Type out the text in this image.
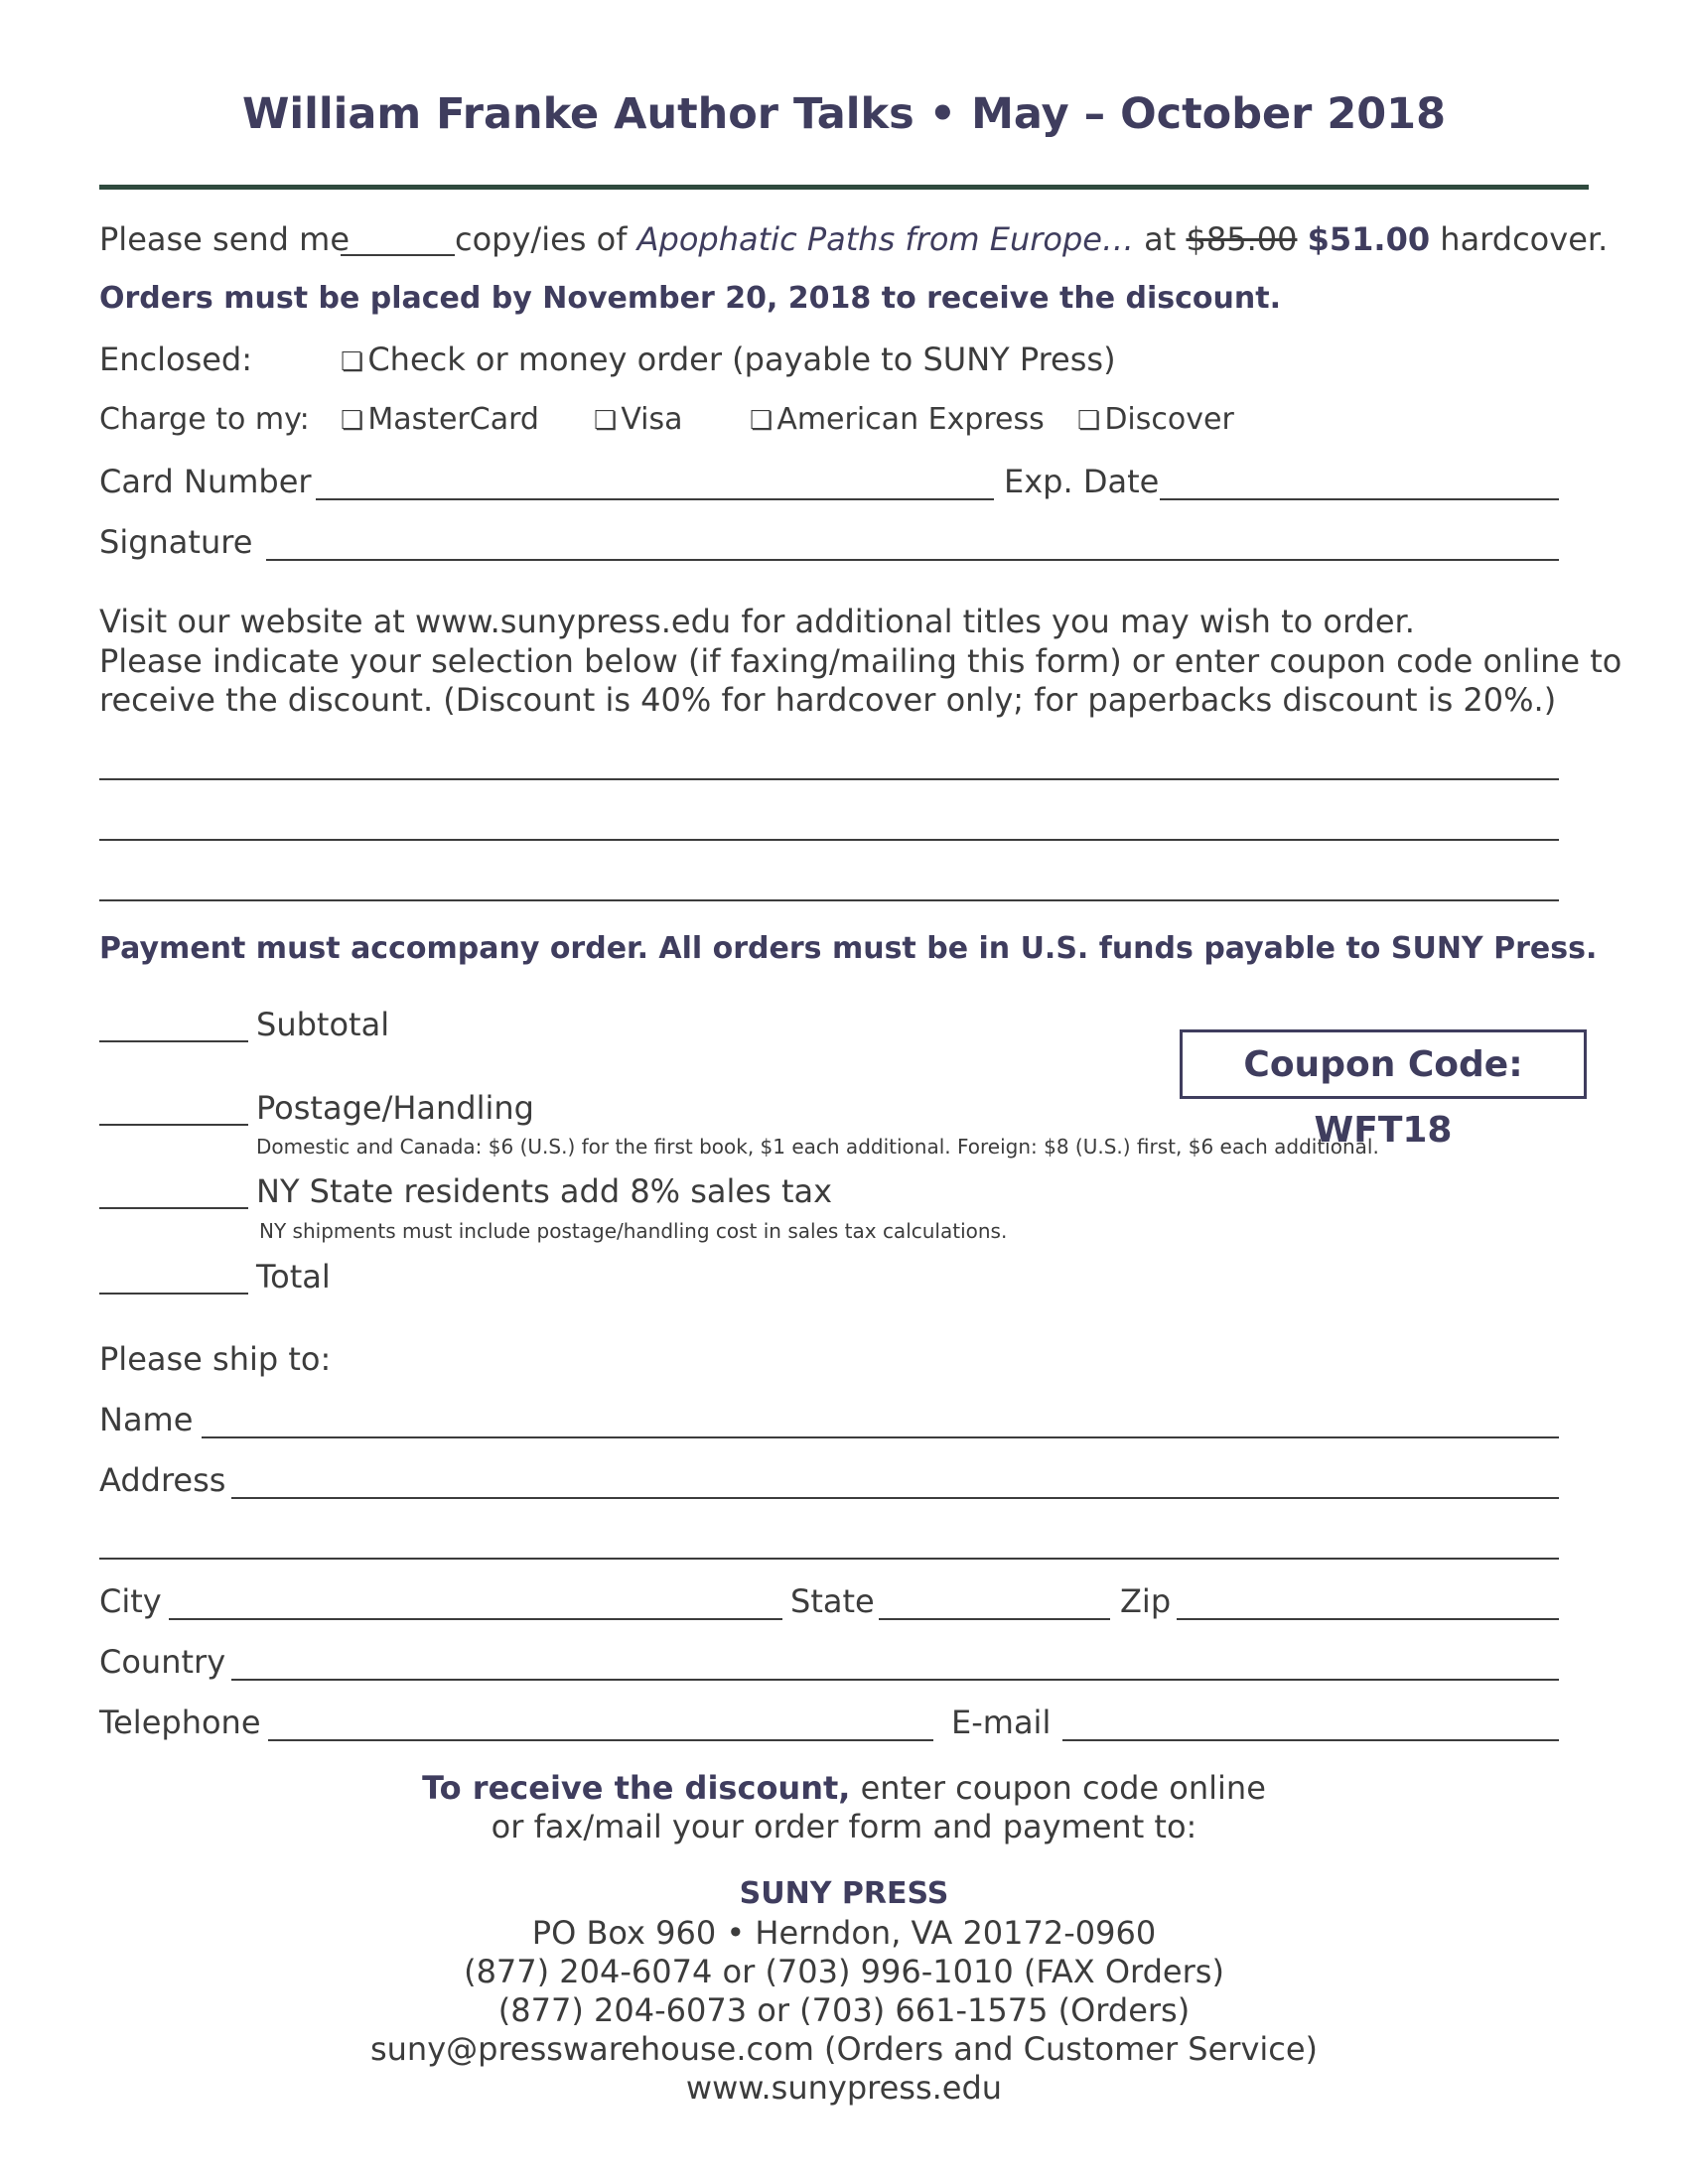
William Franke Author Talks • May – October 2018
Please send me	copy/ies of Apophatic Paths from Europe… at $85.00 $51.00 hardcover.
Orders must be placed by November 20, 2018 to receive the discount.
Enclosed:	❏ Check or money order (payable to SUNY Press)
Charge to my: ❏ MasterCard ❏ Visa	❏ American Express ❏ Discover
Card Number	Exp. Date
Signature
Visit our website at www.sunypress.edu for additional titles you may wish to order.
Please indicate your selection below (if faxing/mailing this form) or enter coupon code online to
receive the discount. (Discount is 40% for hardcover only; for paperbacks discount is 20%.)
Payment must accompany order. All orders must be in U.S. funds payable to SUNY Press.
Subtotal
Postage/Handling
Domestic and Canada: $6 (U.S.) for the first book, $1 each additional. Foreign: $8 (U.S.) first, $6 each additional.
NY State residents add 8% sales tax
NY shipments must include postage/handling cost in sales tax calculations.
Total
Coupon Code: WFT18
Please ship to:
Name
Address
City	State	Zip
Country
Telephone	E-mail
To receive the discount, enter coupon code online
or fax/mail your order form and payment to:
SUNY PRESS
PO Box 960 • Herndon, VA 20172-0960
(877) 204-6074 or (703) 996-1010 (FAX Orders)
(877) 204-6073 or (703) 661-1575 (Orders)
suny@presswarehouse.com (Orders and Customer Service)
www.sunypress.edu
